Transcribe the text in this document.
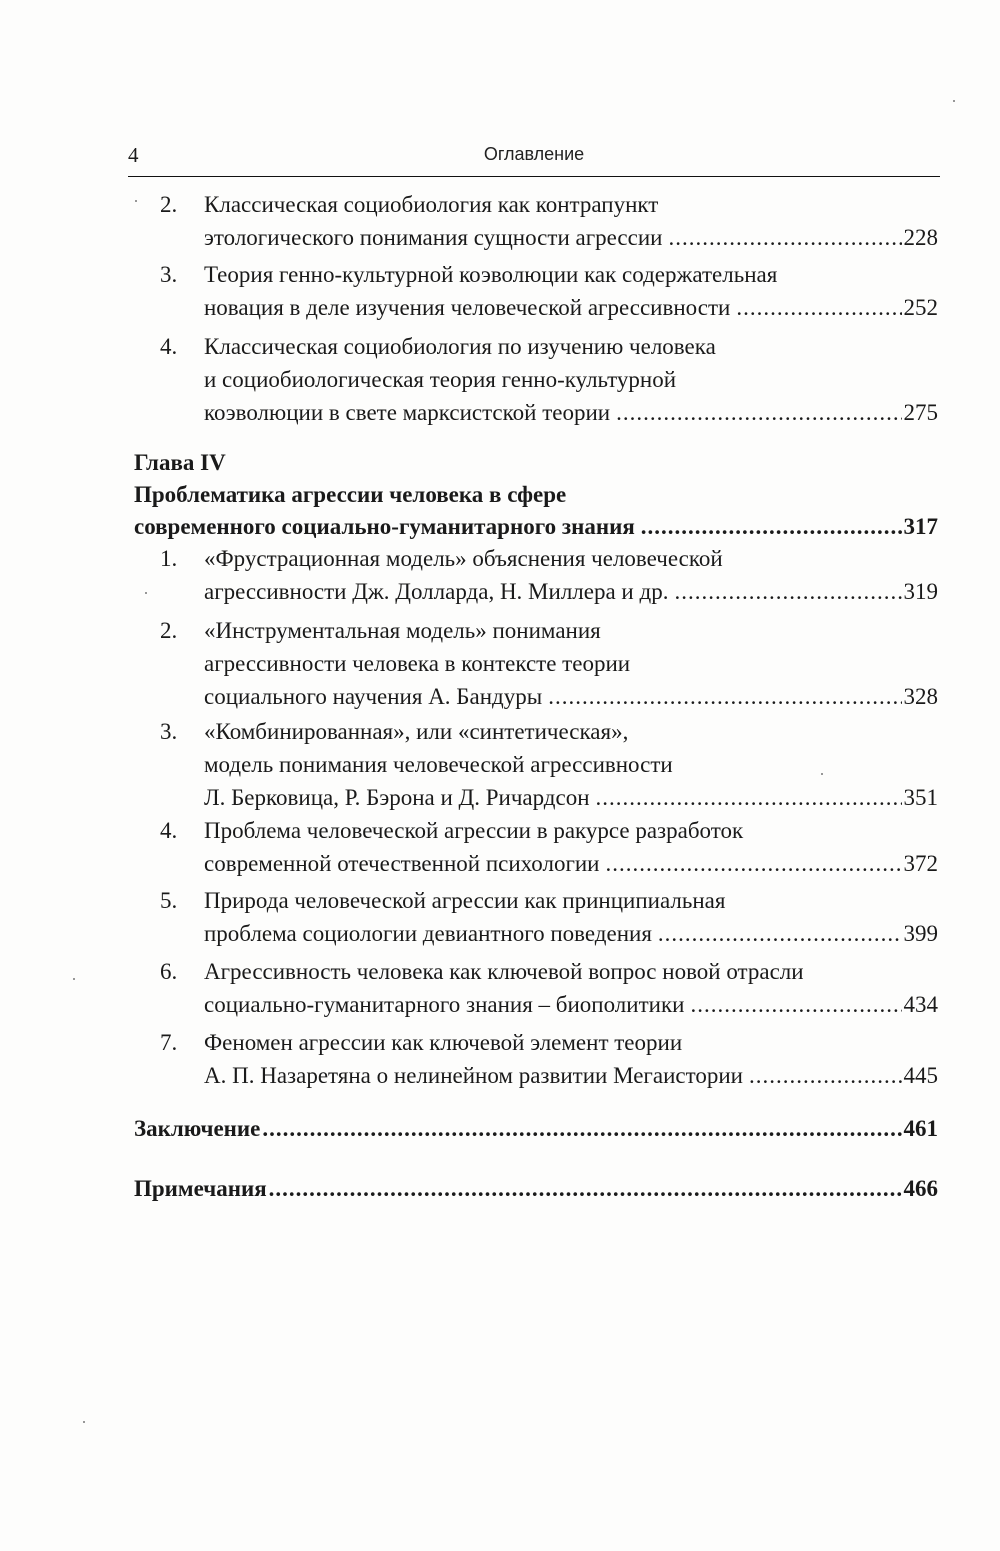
4	Оглавление
2.	Классическая социобиология как контрапункт
этологического понимания сущности агрессии .....	228
3.	Теория генно-культурной коэволюции как содержательная
новация в деле изучения человеческой агрессивности .....	252
4.	Классическая социобиология по изучению человека
и социобиологическая теория генно-культурной
коэволюции в свете марксистской теории .....	275
Глава IV
Проблематика агрессии человека в сфере
современного социально-гуманитарного знания .....	317
1.	«Фрустрационная модель» объяснения человеческой
агрессивности Дж. Долларда, Н. Миллера и др. .....	319
2.	«Инструментальная модель» понимания
агрессивности человека в контексте теории
социального научения А. Бандуры .....	328
3.	«Комбинированная», или «синтетическая»,
модель понимания человеческой агрессивности
Л. Берковица, Р. Бэрона и Д. Ричардсон .....	351
4.	Проблема человеческой агрессии в ракурсе разработок
современной отечественной психологии .....	372
5.	Природа человеческой агрессии как принципиальная
проблема социологии девиантного поведения .....	399
6.	Агрессивность человека как ключевой вопрос новой отрасли
социально-гуманитарного знания – биополитики .....	434
7.	Феномен агрессии как ключевой элемент теории
А. П. Назаретяна о нелинейном развитии Мегаистории .....	445
Заключение .....	461
Примечания .....	466
